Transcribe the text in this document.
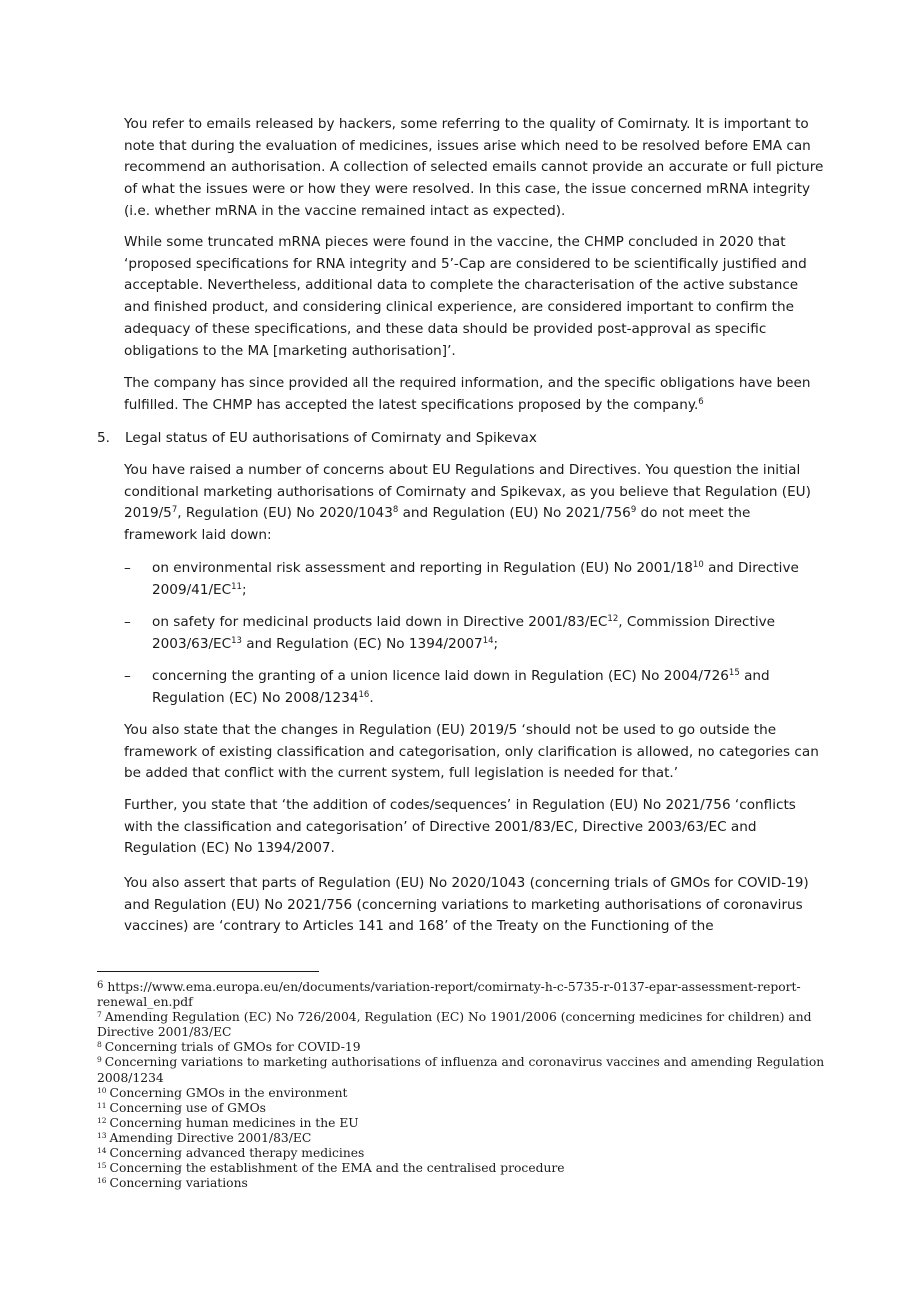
You refer to emails released by hackers, some referring to the quality of Comirnaty. It is important to note that during the evaluation of medicines, issues arise which need to be resolved before EMA can recommend an authorisation. A collection of selected emails cannot provide an accurate or full picture of what the issues were or how they were resolved. In this case, the issue concerned mRNA integrity (i.e. whether mRNA in the vaccine remained intact as expected).

While some truncated mRNA pieces were found in the vaccine, the CHMP concluded in 2020 that ‘proposed specifications for RNA integrity and 5’-Cap are considered to be scientifically justified and acceptable. Nevertheless, additional data to complete the characterisation of the active substance and finished product, and considering clinical experience, are considered important to confirm the adequacy of these specifications, and these data should be provided post-approval as specific obligations to the MA [marketing authorisation]’.

The company has since provided all the required information, and the specific obligations have been fulfilled. The CHMP has accepted the latest specifications proposed by the company.$^6$

5. Legal status of EU authorisations of Comirnaty and Spikevax

You have raised a number of concerns about EU Regulations and Directives. You question the initial conditional marketing authorisations of Comirnaty and Spikevax, as you believe that Regulation (EU) $2019/5^7$, Regulation (EU) No 2020/1043$^8$ and Regulation (EU) No $2021/756^9$ do not meet the framework laid down:

– on environmental risk assessment and reporting in Regulation (EU) No $2001/18^{10}$ and Directive 2009/41/EC$^{11}$;

– on safety for medicinal products laid down in Directive 2001/83/EC$^{12}$, Commission Directive 2003/63/EC$^{13}$ and Regulation (EC) No 1394/2007$^{14}$;

– concerning the granting of a union licence laid down in Regulation (EC) No $2004/726^{15}$ and Regulation (EC) No 2008/1234$^{16}$.

You also state that the changes in Regulation (EU) 2019/5 ‘should not be used to go outside the framework of existing classification and categorisation, only clarification is allowed, no categories can be added that conflict with the current system, full legislation is needed for that.’

Further, you state that ‘the addition of codes/sequences’ in Regulation (EU) No 2021/756 ‘conflicts with the classification and categorisation’ of Directive 2001/83/EC, Directive 2003/63/EC and Regulation (EC) No 1394/2007.

You also assert that parts of Regulation (EU) No 2020/1043 (concerning trials of GMOs for COVID-19) and Regulation (EU) No 2021/756 (concerning variations to marketing authorisations of coronavirus vaccines) are ‘contrary to Articles 141 and 168’ of the Treaty on the Functioning of the

$^6$ https://www.ema.europa.eu/en/documents/variation-report/comirnaty-h-c-5735-r-0137-epar-assessment-report-renewal_en.pdf

$^7$ Amending Regulation (EC) No 726/2004, Regulation (EC) No 1901/2006 (concerning medicines for children) and Directive 2001/83/EC

$^8$ Concerning trials of GMOs for COVID-19

$^9$ Concerning variations to marketing authorisations of influenza and coronavirus vaccines and amending Regulation 2008/1234

$^{10}$ Concerning GMOs in the environment

$^{11}$ Concerning use of GMOs

$^{12}$ Concerning human medicines in the EU

$^{13}$ Amending Directive 2001/83/EC

$^{14}$ Concerning advanced therapy medicines

$^{15}$ Concerning the establishment of the EMA and the centralised procedure

$^{16}$ Concerning variations
